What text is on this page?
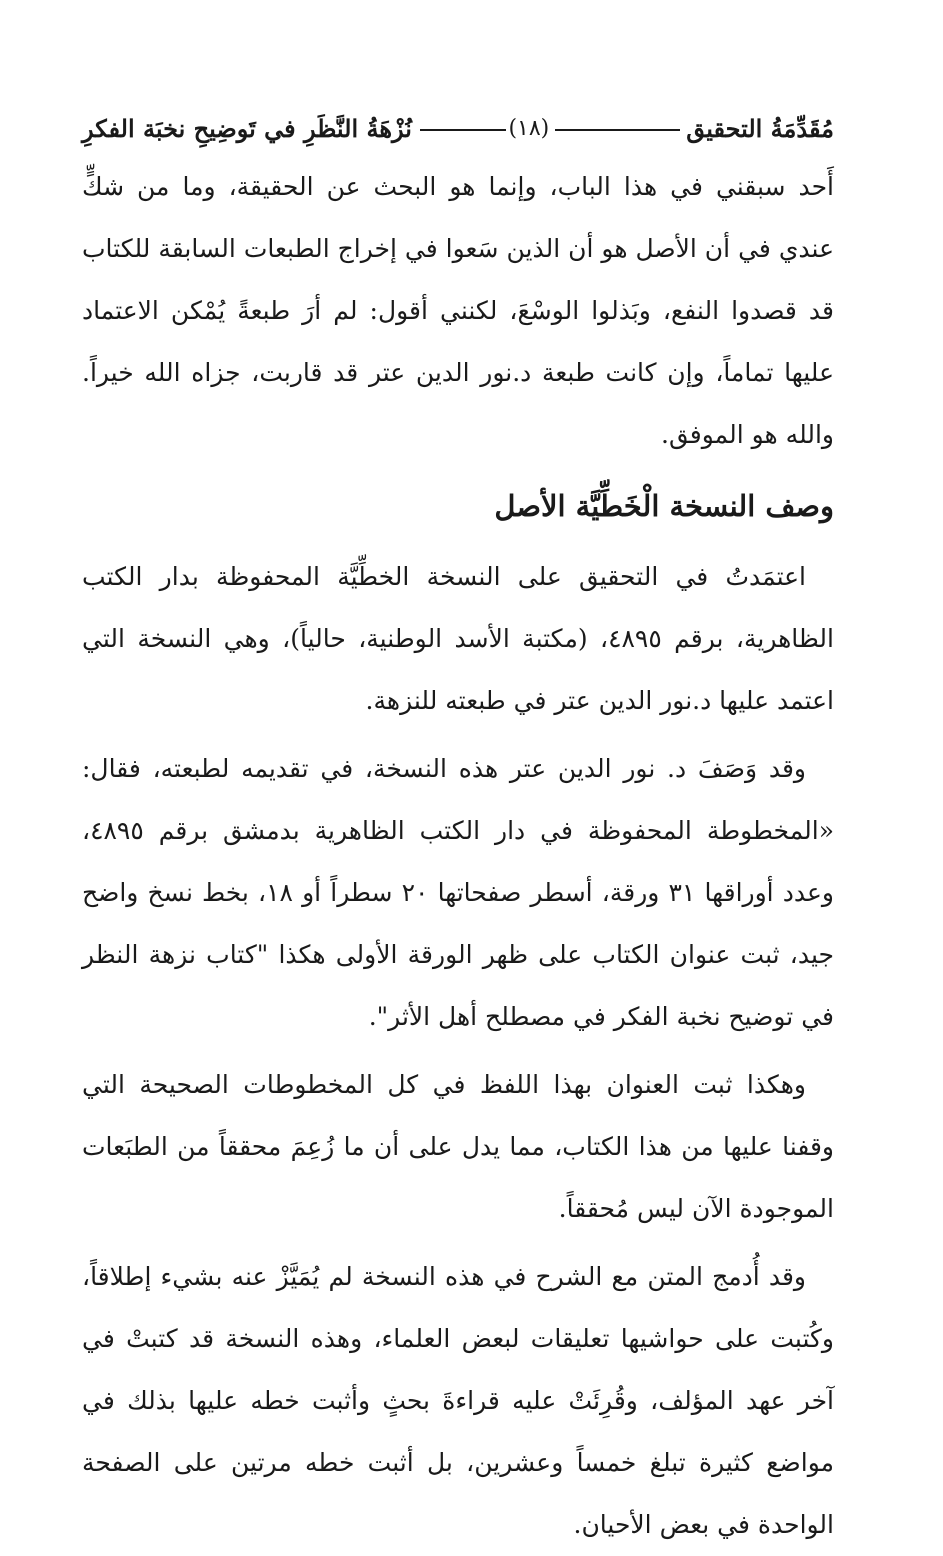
مُقَدِّمَةُ التحقيق
(١٨)
نُزْهَةُ النَّظَرِ في تَوضِيحِ نخبَة الفكرِ

أَحد سبقني في هذا الباب، وإنما هو البحث عن الحقيقة، وما من شكٍّ عندي في أن الأصل هو أن الذين سَعوا في إخراج الطبعات السابقة للكتاب قد قصدوا النفع، وبَذلوا الوسْعَ، لكنني أقول: لم أرَ طبعةً يُمْكن الاعتماد عليها تماماً، وإن كانت طبعة د.نور الدين عتر قد قاربت، جزاه الله خيراً. والله هو الموفق.

وصف النسخة الْخَطِّيَّة الأصل

اعتمَدتُ في التحقيق على النسخة الخطِّيَّة المحفوظة بدار الكتب الظاهرية، برقم ٤٨٩٥، (مكتبة الأسد الوطنية، حالياً)، وهي النسخة التي اعتمد عليها د.نور الدين عتر في طبعته للنزهة.

وقد وَصَفَ د. نور الدين عتر هذه النسخة، في تقديمه لطبعته، فقال: «المخطوطة المحفوظة في دار الكتب الظاهرية بدمشق برقم ٤٨٩٥، وعدد أوراقها ٣١ ورقة، أسطر صفحاتها ٢٠ سطراً أو ١٨، بخط نسخ واضح جيد، ثبت عنوان الكتاب على ظهر الورقة الأولى هكذا "كتاب نزهة النظر في توضيح نخبة الفكر في مصطلح أهل الأثر".

وهكذا ثبت العنوان بهذا اللفظ في كل المخطوطات الصحيحة التي وقفنا عليها من هذا الكتاب، مما يدل على أن ما زُعِمَ محققاً من الطبَعات الموجودة الآن ليس مُحققاً.

وقد أُدمج المتن مع الشرح في هذه النسخة لم يُمَيَّزْ عنه بشيء إطلاقاً، وكُتبت على حواشيها تعليقات لبعض العلماء، وهذه النسخة قد كتبتْ في آخر عهد المؤلف، وقُرِئَتْ عليه قراءةَ بحثٍ وأثبت خطه عليها بذلك في مواضع كثيرة تبلغ خمساً وعشرين، بل أثبت خطه مرتين على الصفحة الواحدة في بعض الأحيان.
